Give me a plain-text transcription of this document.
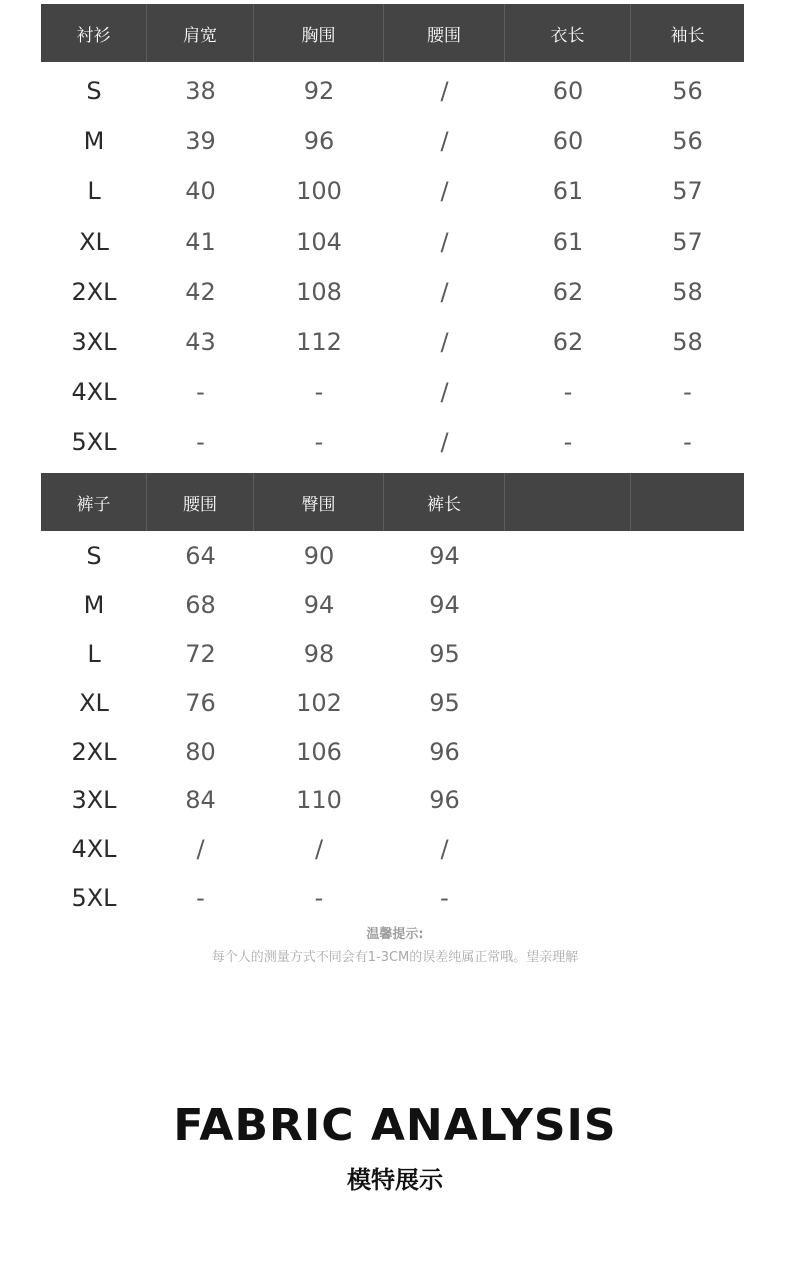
衬衫	肩宽	胸围	腰围	衣长	袖长
S	38	92	/	60	56
M	39	96	/	60	56
L	40	100	/	61	57
XL	41	104	/	61	57
2XL	42	108	/	62	58
3XL	43	112	/	62	58
4XL	-	-	/	-	-
5XL	-	-	/	-	-
裤子	腰围	臀围	裤长
S	64	90	94
M	68	94	94
L	72	98	95
XL	76	102	95
2XL	80	106	96
3XL	84	110	96
4XL	/	/	/
5XL	-	-	-
温馨提示:
每个人的测量方式不同会有1-3CM的误差纯属正常哦。望亲理解
FABRIC ANALYSIS
模特展示
